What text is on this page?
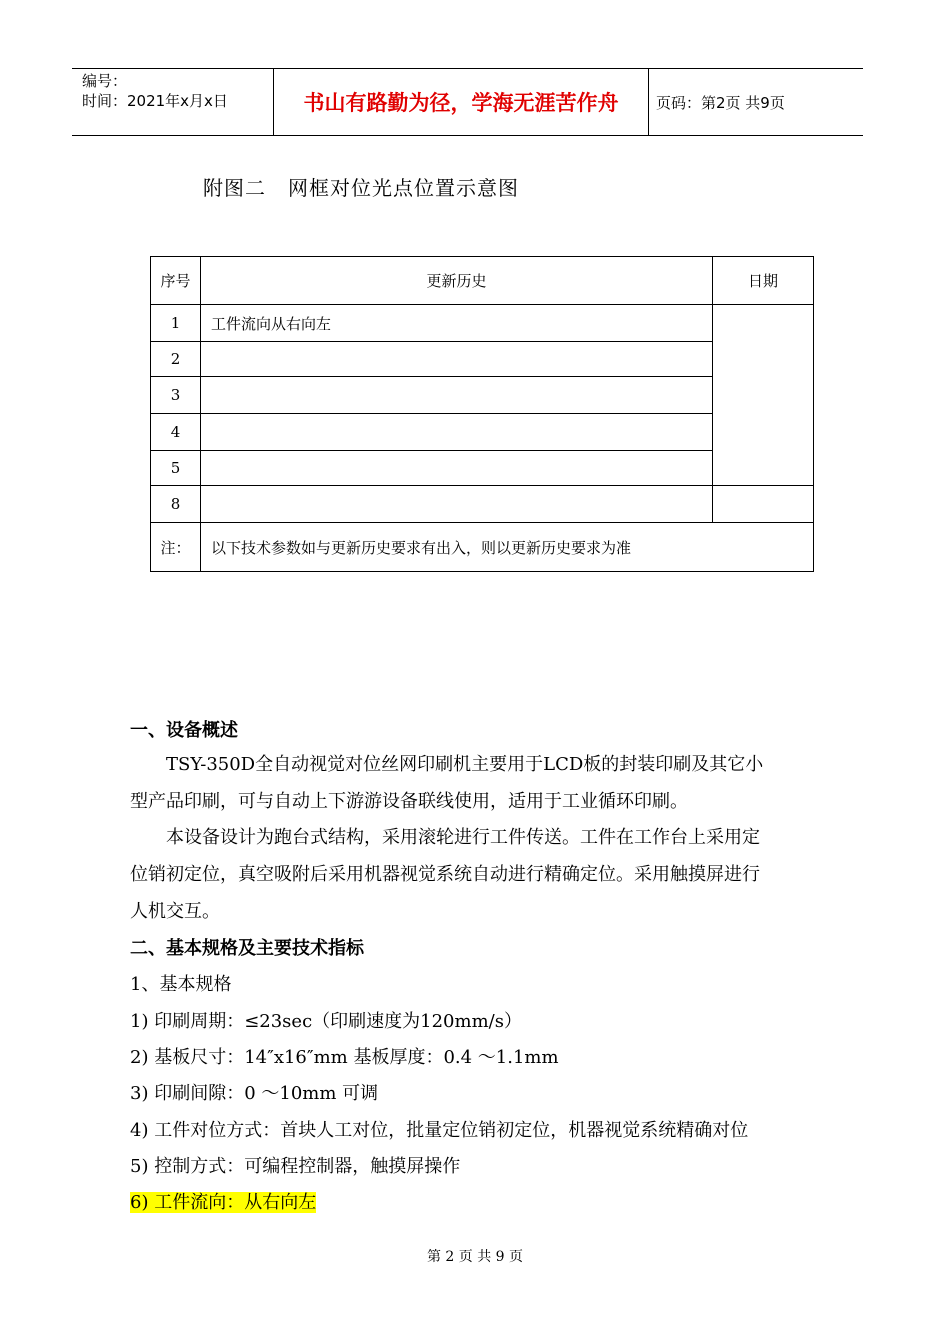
编号：
时间：2021年x月x日	书山有路勤为径，学海无涯苦作舟	页码：第2页 共9页
附图二 网框对位光点位置示意图
序号	更新历史	日期
1	工件流向从右向左	
2		
3		
4		
5		
8		
注：	以下技术参数如与更新历史要求有出入，则以更新历史要求为准	
一、设备概述
TSY-350D全自动视觉对位丝网印刷机主要用于LCD板的封装印刷及其它小
型产品印刷，可与自动上下游游设备联线使用，适用于工业循环印刷。
本设备设计为跑台式结构，采用滚轮进行工件传送。工件在工作台上采用定
位销初定位，真空吸附后采用机器视觉系统自动进行精确定位。采用触摸屏进行
人机交互。
二、基本规格及主要技术指标
1、基本规格
1) 印刷周期：≤23sec（印刷速度为120mm/s）
2) 基板尺寸：14″x16″mm 基板厚度：0.4 ～1.1mm
3) 印刷间隙：0 ～10mm 可调
4) 工件对位方式：首块人工对位，批量定位销初定位，机器视觉系统精确对位
5) 控制方式：可编程控制器，触摸屏操作
6) 工件流向：从右向左
第 2 页 共 9 页
